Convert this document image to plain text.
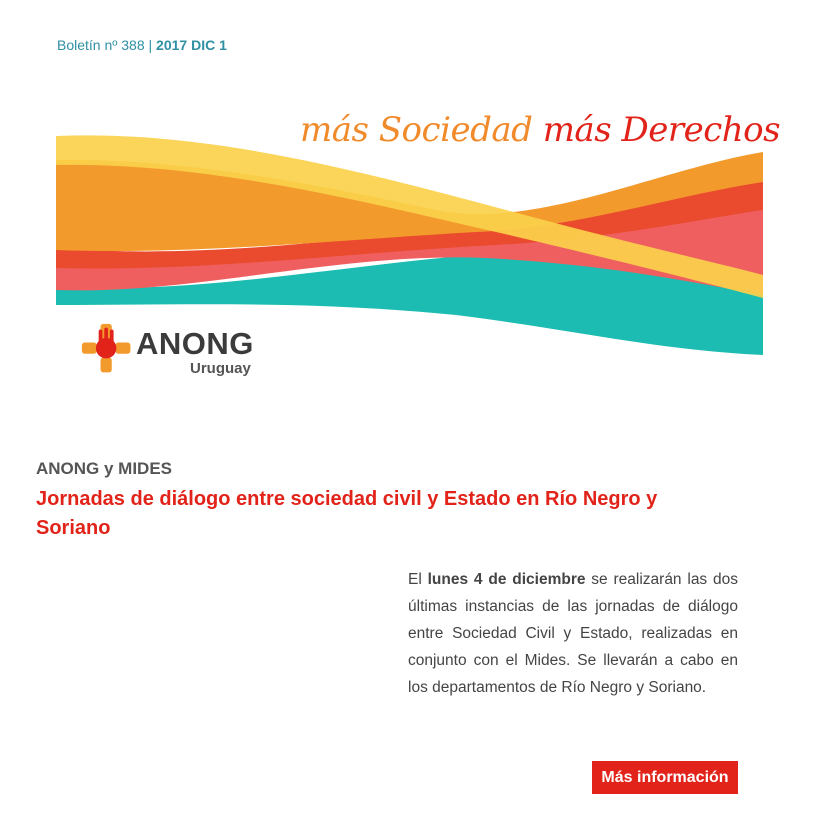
Boletín nº 388 | 2017 DIC 1
más Sociedad más Derechos
ANONG
Uruguay
ANONG y MIDES
Jornadas de diálogo entre sociedad civil y Estado en Río Negro y Soriano
El lunes 4 de diciembre se realizarán las dos últimas instancias de las jornadas de diálogo entre Sociedad Civil y Estado, realizadas en conjunto con el Mides. Se llevarán a cabo en los departamentos de Río Negro y Soriano.
Más información
